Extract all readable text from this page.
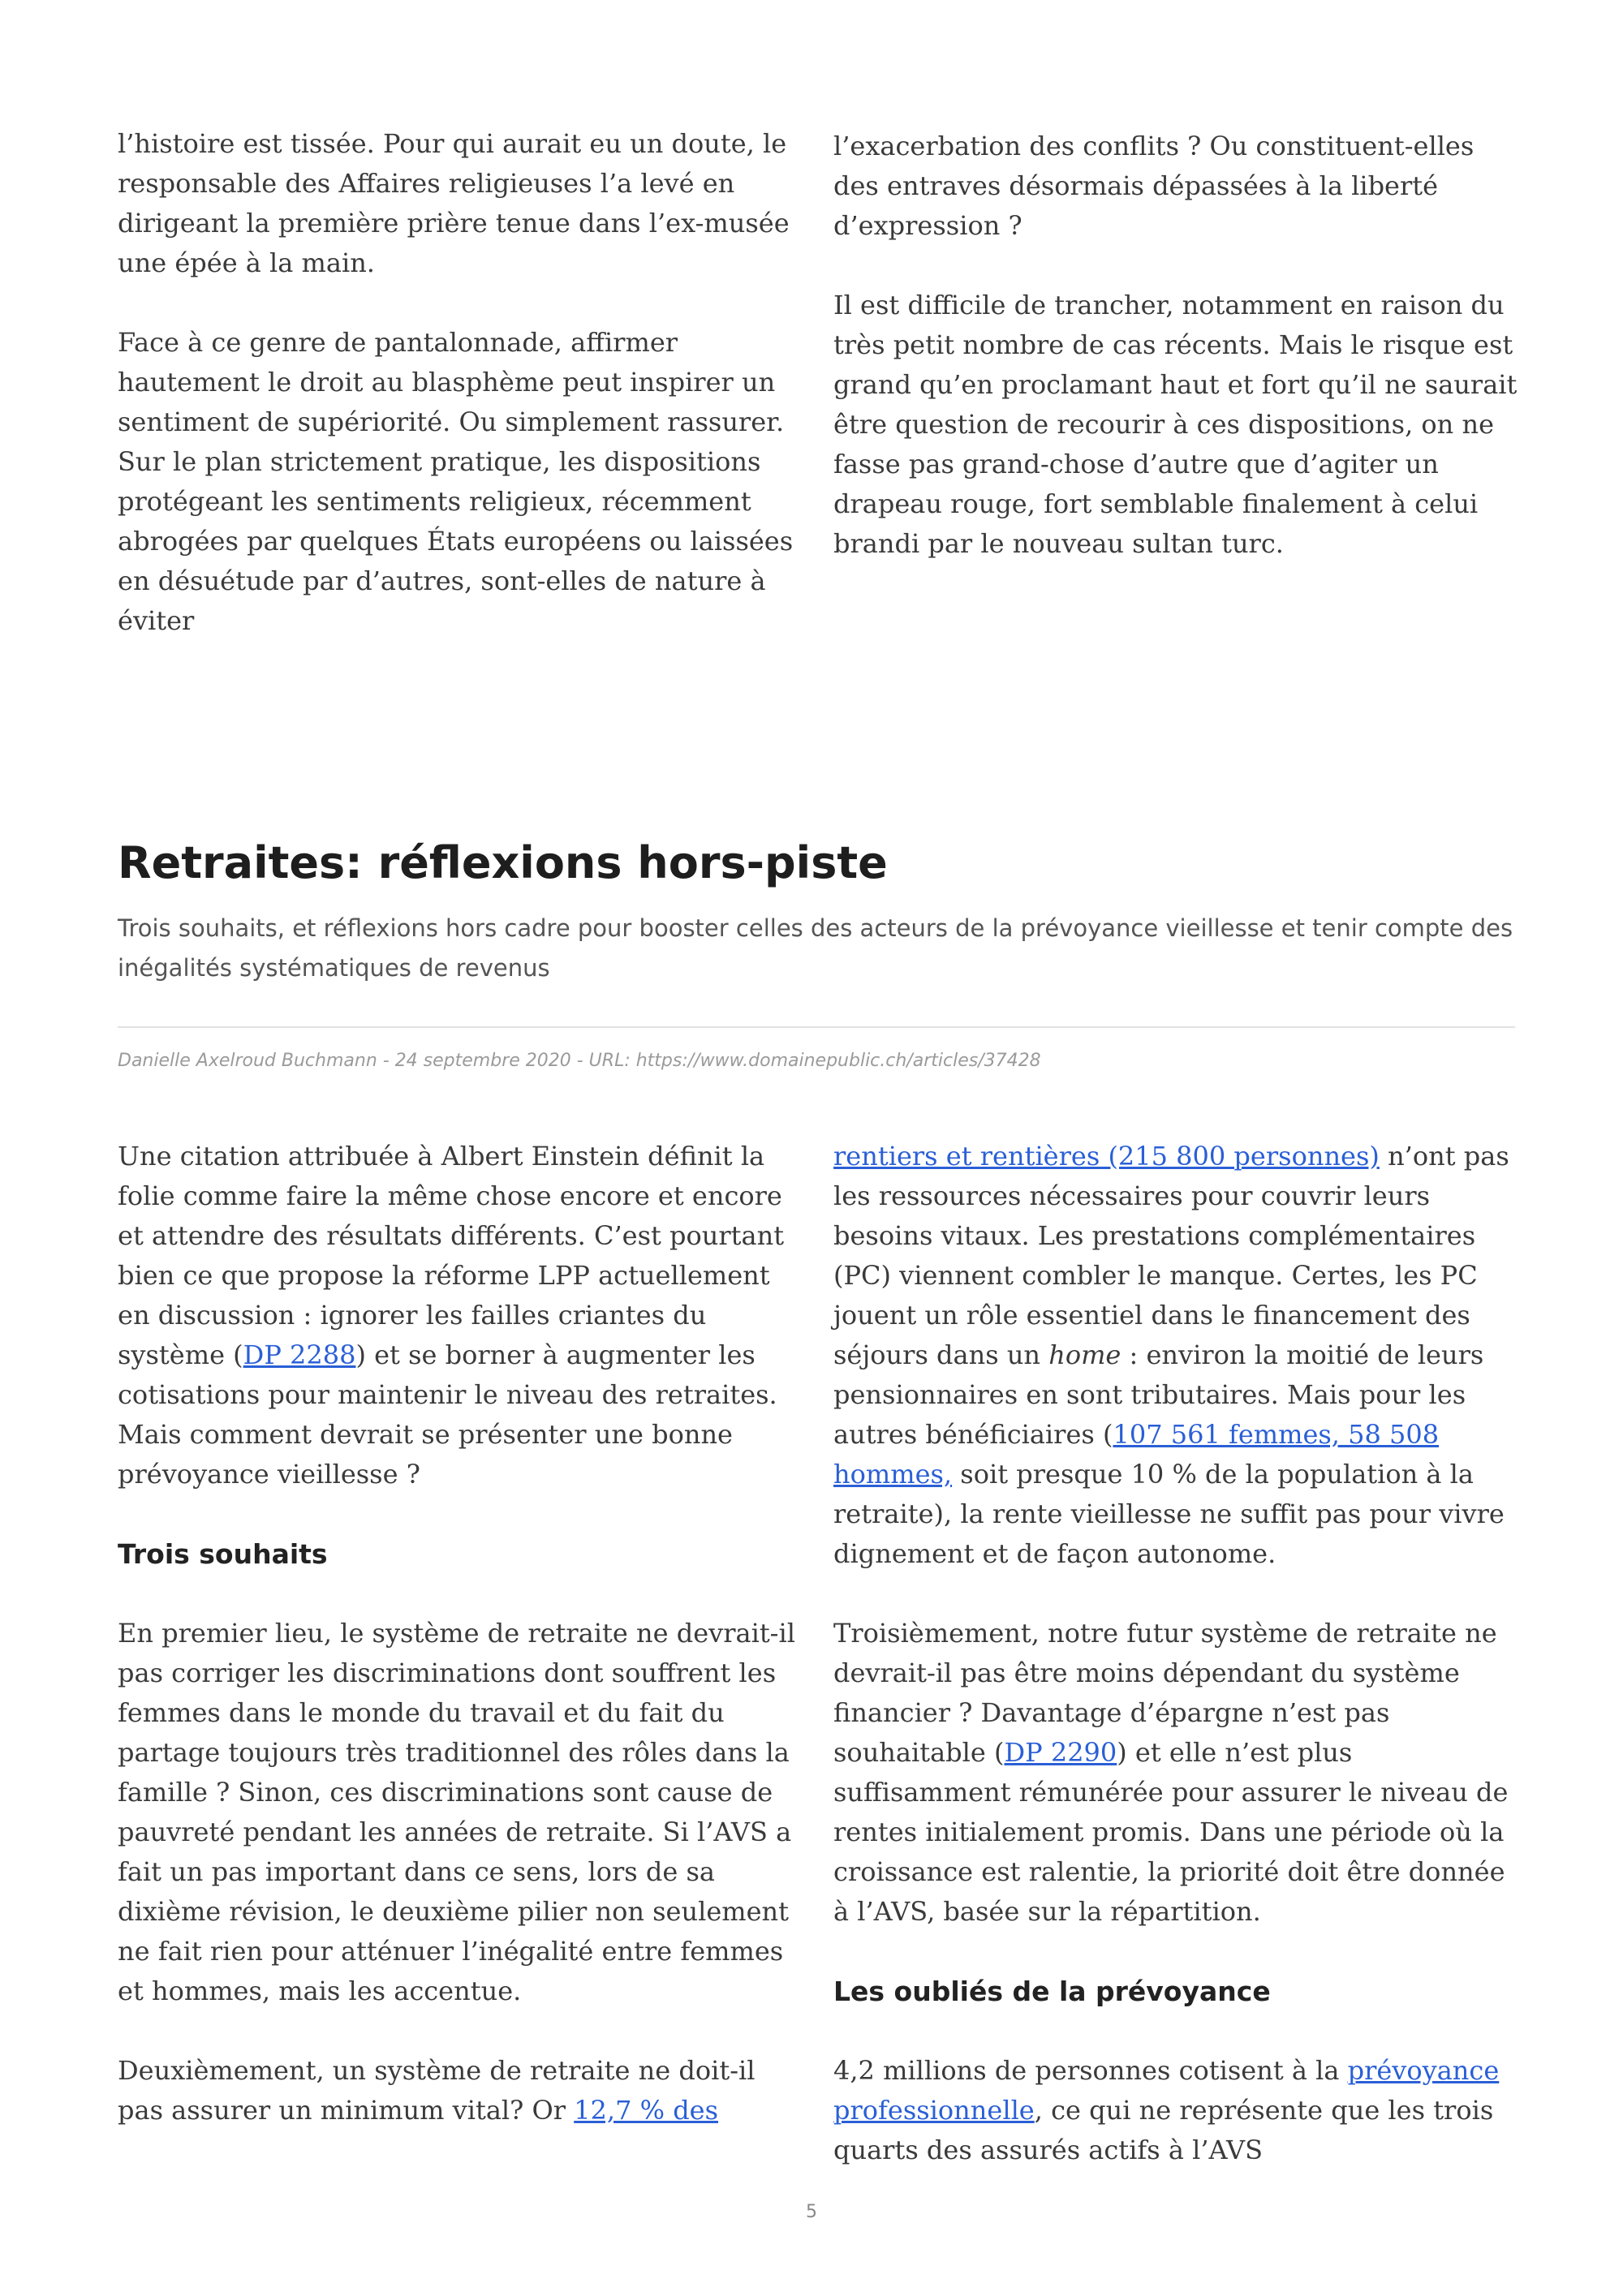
l’histoire est tissée. Pour qui aurait eu un doute, le responsable des Affaires religieuses l’a levé en dirigeant la première prière tenue dans l’ex-musée une épée à la main.

Face à ce genre de pantalonnade, affirmer hautement le droit au blasphème peut inspirer un sentiment de supériorité. Ou simplement rassurer. Sur le plan strictement pratique, les dispositions protégeant les sentiments religieux, récemment abrogées par quelques États européens ou laissées en désuétude par d’autres, sont-elles de nature à éviter

l’exacerbation des conflits ? Ou constituent-elles des entraves désormais dépassées à la liberté d’expression ?

Il est difficile de trancher, notamment en raison du très petit nombre de cas récents. Mais le risque est grand qu’en proclamant haut et fort qu’il ne saurait être question de recourir à ces dispositions, on ne fasse pas grand-chose d’autre que d’agiter un drapeau rouge, fort semblable finalement à celui brandi par le nouveau sultan turc.

Retraites: réflexions hors-piste

Trois souhaits, et réflexions hors cadre pour booster celles des acteurs de la prévoyance vieillesse et tenir compte des inégalités systématiques de revenus

Danielle Axelroud Buchmann - 24 septembre 2020 - URL: https://www.domainepublic.ch/articles/37428

Une citation attribuée à Albert Einstein définit la folie comme faire la même chose encore et encore et attendre des résultats différents. C’est pourtant bien ce que propose la réforme LPP actuellement en discussion : ignorer les failles criantes du système (DP 2288) et se borner à augmenter les cotisations pour maintenir le niveau des retraites. Mais comment devrait se présenter une bonne prévoyance vieillesse ?

Trois souhaits

En premier lieu, le système de retraite ne devrait-il pas corriger les discriminations dont souffrent les femmes dans le monde du travail et du fait du partage toujours très traditionnel des rôles dans la famille ? Sinon, ces discriminations sont cause de pauvreté pendant les années de retraite. Si l’AVS a fait un pas important dans ce sens, lors de sa dixième révision, le deuxième pilier non seulement ne fait rien pour atténuer l’inégalité entre femmes et hommes, mais les accentue.

Deuxièmement, un système de retraite ne doit-il pas assurer un minimum vital? Or 12,7 % des

rentiers et rentières (215 800 personnes) n’ont pas les ressources nécessaires pour couvrir leurs besoins vitaux. Les prestations complémentaires (PC) viennent combler le manque. Certes, les PC jouent un rôle essentiel dans le financement des séjours dans un home : environ la moitié de leurs pensionnaires en sont tributaires. Mais pour les autres bénéficiaires (107 561 femmes, 58 508 hommes, soit presque 10 % de la population à la retraite), la rente vieillesse ne suffit pas pour vivre dignement et de façon autonome.

Troisièmement, notre futur système de retraite ne devrait-il pas être moins dépendant du système financier ? Davantage d’épargne n’est pas souhaitable (DP 2290) et elle n’est plus suffisamment rémunérée pour assurer le niveau de rentes initialement promis. Dans une période où la croissance est ralentie, la priorité doit être donnée à l’AVS, basée sur la répartition.

Les oubliés de la prévoyance

4,2 millions de personnes cotisent à la prévoyance professionnelle, ce qui ne représente que les trois quarts des assurés actifs à l’AVS

5
